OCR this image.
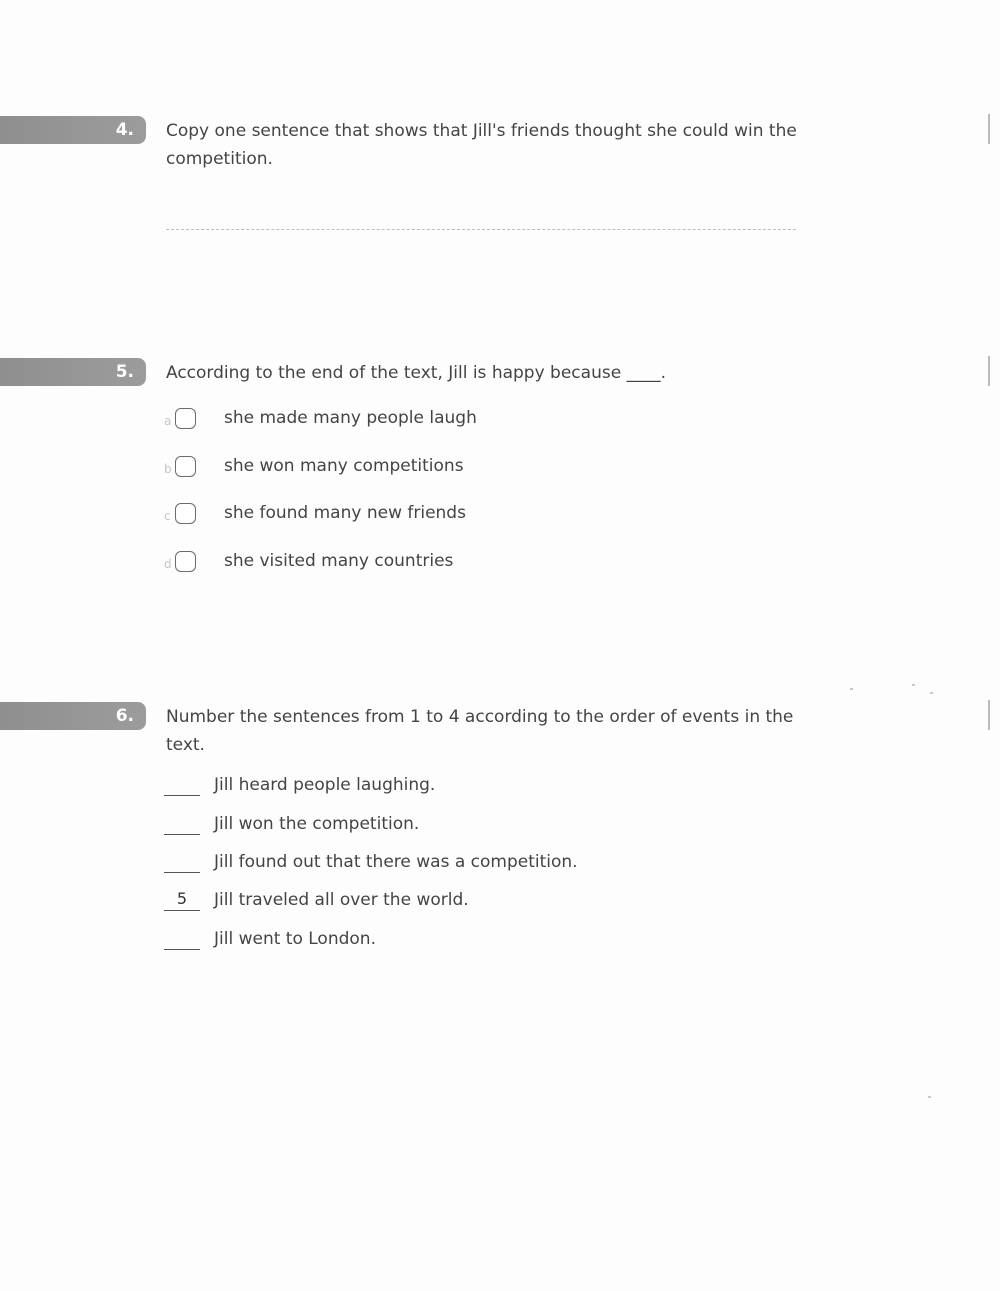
4. Copy one sentence that shows that Jill's friends thought she could win the
competition.
5. According to the end of the text, Jill is happy because ____.
a	she made many people laugh
b	she won many competitions
c	she found many new friends
d	she visited many countries
6. Number the sentences from 1 to 4 according to the order of events in the
text.
Jill heard people laughing.
Jill won the competition.
Jill found out that there was a competition.
5	Jill traveled all over the world.
Jill went to London.
